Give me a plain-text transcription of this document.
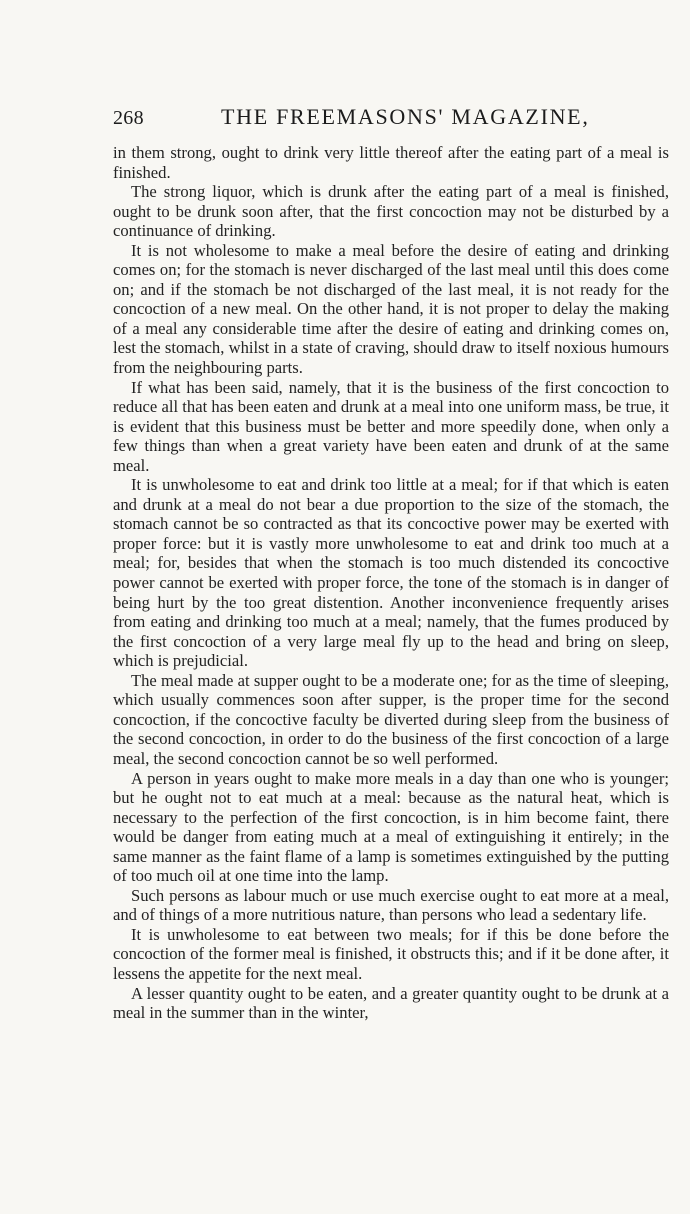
268	THE FREEMASONS' MAGAZINE,

in them strong, ought to drink very little thereof after the eating part of a meal is finished.

The strong liquor, which is drunk after the eating part of a meal is finished, ought to be drunk soon after, that the first concoction may not be disturbed by a continuance of drinking.

It is not wholesome to make a meal before the desire of eating and drinking comes on; for the stomach is never discharged of the last meal until this does come on; and if the stomach be not discharged of the last meal, it is not ready for the concoction of a new meal. On the other hand, it is not proper to delay the making of a meal any considerable time after the desire of eating and drinking comes on, lest the stomach, whilst in a state of craving, should draw to itself noxious humours from the neighbouring parts.

If what has been said, namely, that it is the business of the first concoction to reduce all that has been eaten and drunk at a meal into one uniform mass, be true, it is evident that this business must be better and more speedily done, when only a few things than when a great variety have been eaten and drunk of at the same meal.

It is unwholesome to eat and drink too little at a meal; for if that which is eaten and drunk at a meal do not bear a due proportion to the size of the stomach, the stomach cannot be so contracted as that its concoctive power may be exerted with proper force: but it is vastly more unwholesome to eat and drink too much at a meal; for, besides that when the stomach is too much distended its concoctive power cannot be exerted with proper force, the tone of the stomach is in danger of being hurt by the too great distention. Another inconvenience frequently arises from eating and drinking too much at a meal; namely, that the fumes produced by the first concoction of a very large meal fly up to the head and bring on sleep, which is prejudicial.

The meal made at supper ought to be a moderate one; for as the time of sleeping, which usually commences soon after supper, is the proper time for the second concoction, if the concoctive faculty be diverted during sleep from the business of the second concoction, in order to do the business of the first concoction of a large meal, the second concoction cannot be so well performed.

A person in years ought to make more meals in a day than one who is younger; but he ought not to eat much at a meal: because as the natural heat, which is necessary to the perfection of the first concoction, is in him become faint, there would be danger from eating much at a meal of extinguishing it entirely; in the same manner as the faint flame of a lamp is sometimes extinguished by the putting of too much oil at one time into the lamp.

Such persons as labour much or use much exercise ought to eat more at a meal, and of things of a more nutritious nature, than persons who lead a sedentary life.

It is unwholesome to eat between two meals; for if this be done before the concoction of the former meal is finished, it obstructs this; and if it be done after, it lessens the appetite for the next meal.

A lesser quantity ought to be eaten, and a greater quantity ought to be drunk at a meal in the summer than in the winter,
